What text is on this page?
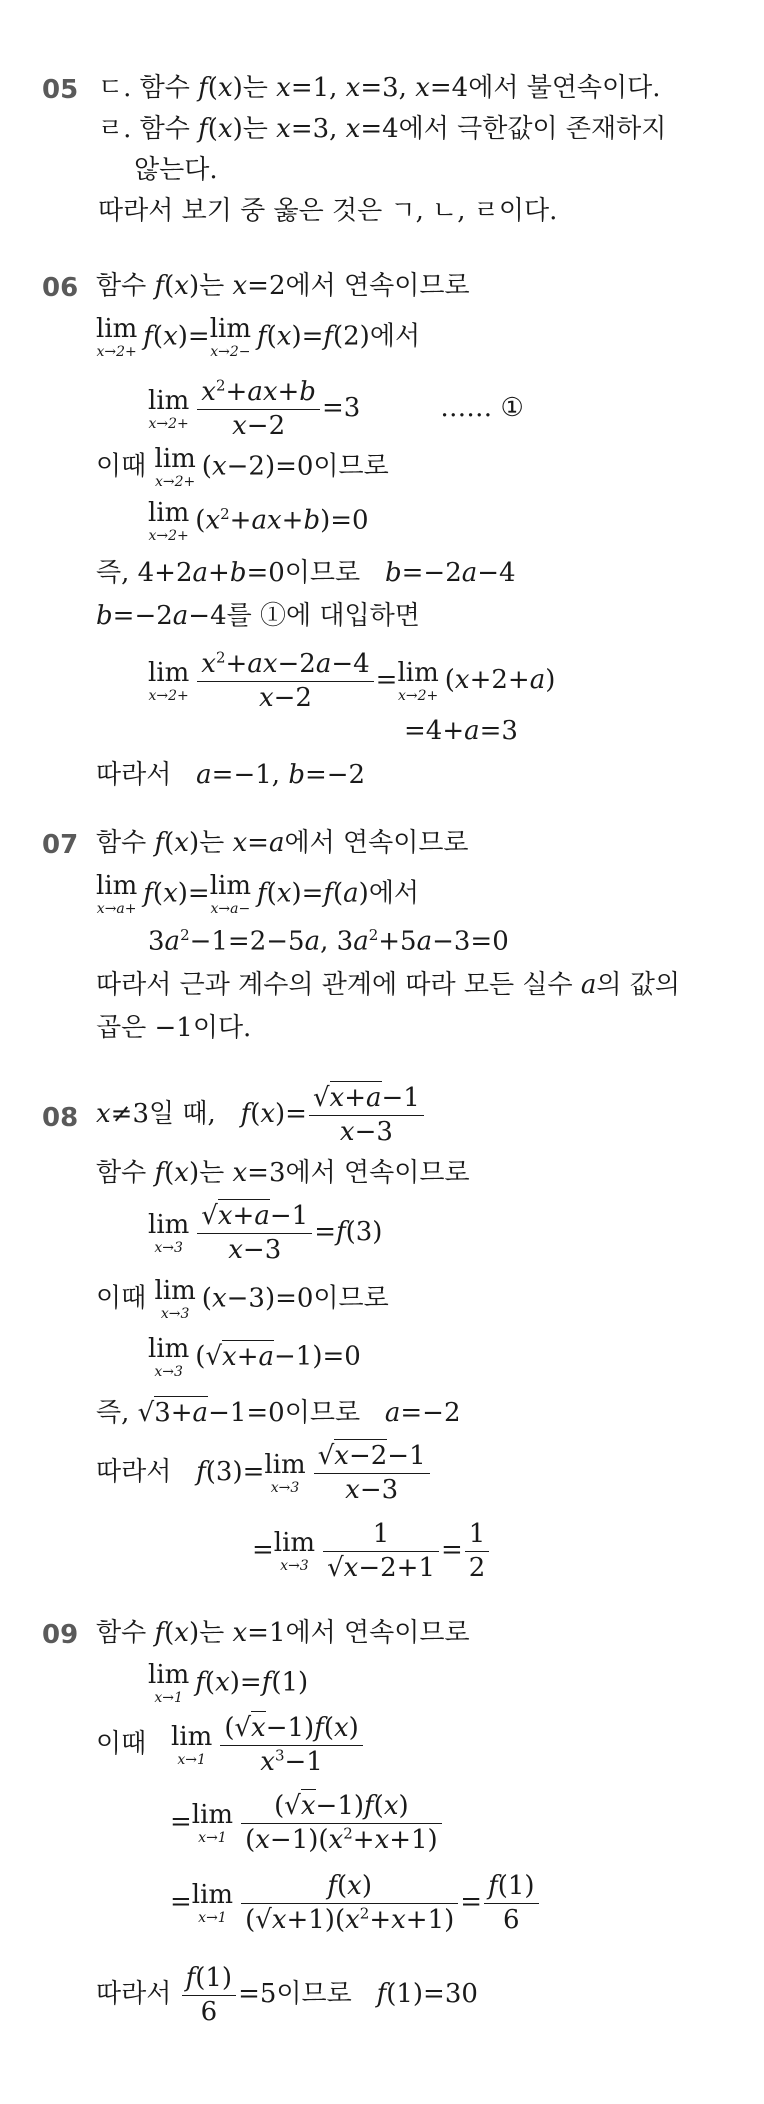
05 ㄷ. 함수 f(x)는 x=1, x=3, x=4에서 불연속이다.
ㄹ. 함수 f(x)는 x=3, x=4에서 극한값이 존재하지
않는다.
따라서 보기 중 옳은 것은 ㄱ, ㄴ, ㄹ이다.
06 함수 f(x)는 x=2에서 연속이므로
lim
x→2+
f(x)= lim
x→2−
f(x)=f(2)에서
lim
$x\to 2+ \frac{x^2+ax+b}{x-2} =3$	…… ①
이때 lim
x→2+
(x−2)=0이므로
lim
x→2+
$(x^2+ax+b)=0$
즉, 4+2a+b=0이므로   b=−2a−4
b=−2a−4를 ①에 대입하면
lim
$x\to 2+ \frac{x^2+ax-2a-4}{x-2} = \lim$
x→2+
(x+2+a)
=4+a=3
따라서   a=−1, b=−2
07 함수 f(x)는 x=a에서 연속이므로
lim
x→a+
f(x)= lim
x→a−
f(x)=f(a)에서
$3a^2-1=2-5a$, $3a^2+5a-3=0$
따라서 근과 계수의 관계에 따라 모든 실수 a의 값의
곱은 −1이다.
08 x≠3일 때,   $f(x)= \frac{√x+a-1}{x-3}$
함수 f(x)는 x=3에서 연속이므로
lim
$x\to 3 \frac{√x+a-1}{x-3} =f(3)$
이때 lim
x→3
(x−3)=0이므로
lim
x→3
(√x+a−1)=0
즉, √3+a−1=0이므로   a=−2
따라서   f(3)= lim
$x\to 3 \frac{√x-2-1}{x-3}$
= lim
$x\to 3 \frac{1}{√x-2+1} = \frac{1}{2}$
09 함수 f(x)는 x=1에서 연속이므로
lim
x→1
f(x)=f(1)
이때 lim
$x\to 1 \frac{(√x-1)f(x)}{x^3-1}$
= lim
$x\to 1 \frac{(√x-1)f(x)}{(x-1)(x^2+x+1)}$
= lim
$x\to 1 \frac{f(x)}{(√x+1)(x^2+x+1)} = \frac{f(1)}{6}$
따라서 $\frac{f(1)}{6} =5$이므로   f(1)=30
